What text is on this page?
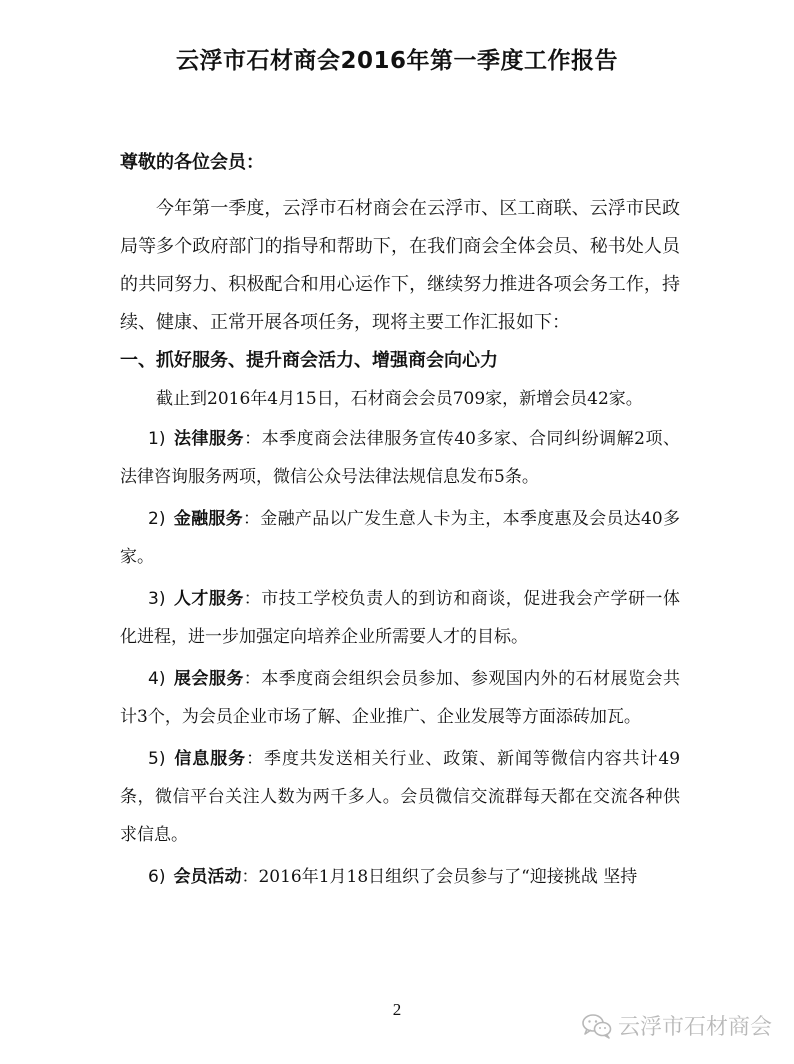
云浮市石材商会2016年第一季度工作报告

尊敬的各位会员：

今年第一季度，云浮市石材商会在云浮市、区工商联、云浮市民政局等多个政府部门的指导和帮助下，在我们商会全体会员、秘书处人员的共同努力、积极配合和用心运作下，继续努力推进各项会务工作，持续、健康、正常开展各项任务，现将主要工作汇报如下：

一、抓好服务、提升商会活力、增强商会向心力

截止到2016年4月15日，石材商会会员709家，新增会员42家。

1) 法律服务：本季度商会法律服务宣传40多家、合同纠纷调解2项、法律咨询服务两项，微信公众号法律法规信息发布5条。

2) 金融服务：金融产品以广发生意人卡为主，本季度惠及会员达40多家。

3) 人才服务：市技工学校负责人的到访和商谈，促进我会产学研一体化进程，进一步加强定向培养企业所需要人才的目标。

4) 展会服务：本季度商会组织会员参加、参观国内外的石材展览会共计3个，为会员企业市场了解、企业推广、企业发展等方面添砖加瓦。

5) 信息服务：季度共发送相关行业、政策、新闻等微信内容共计49条，微信平台关注人数为两千多人。会员微信交流群每天都在交流各种供求信息。

6) 会员活动：2016年1月18日组织了会员参与了“迎接挑战 坚持

2
云浮市石材商会
